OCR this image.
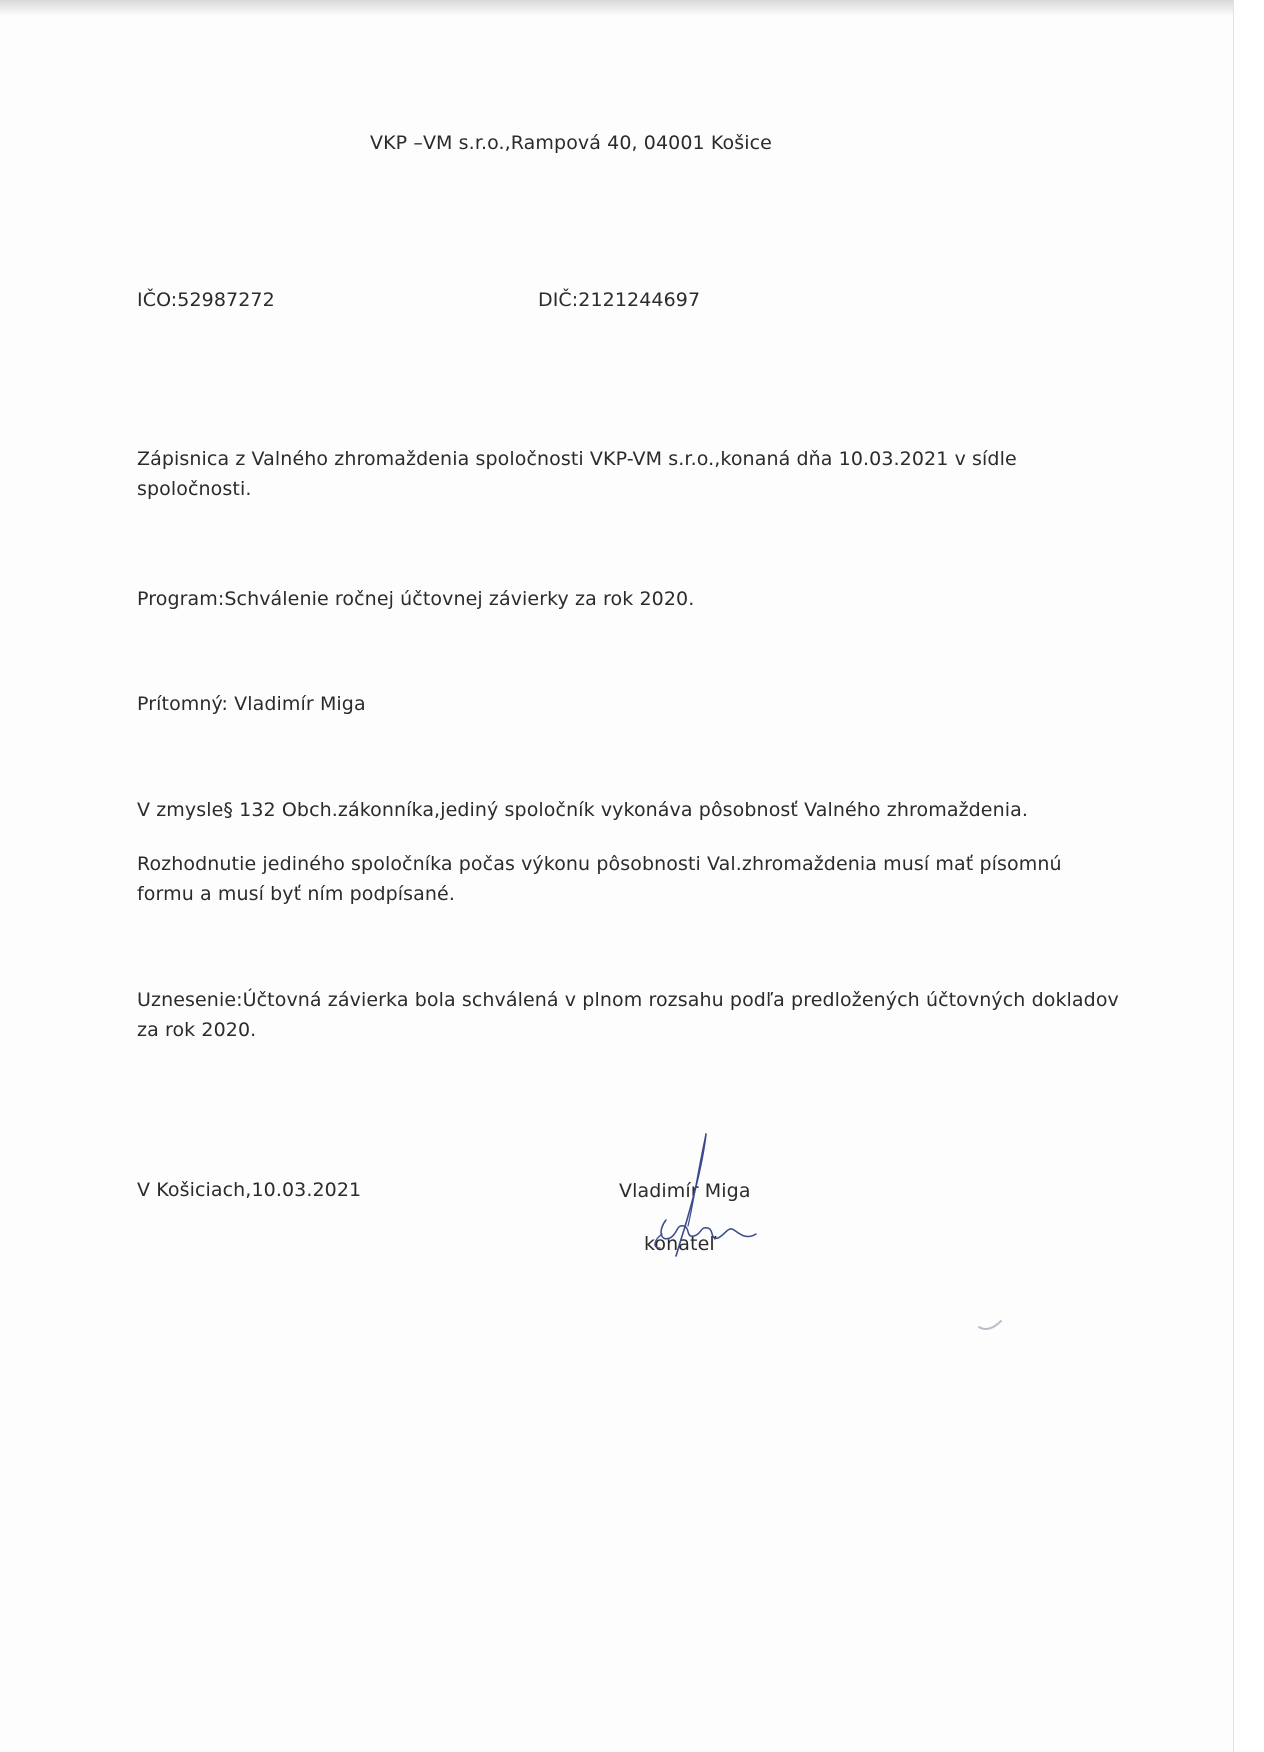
VKP –VM s.r.o.,Rampová 40, 04001 Košice
IČO:52987272	DIČ:2121244697
Zápisnica z Valného zhromaždenia spoločnosti VKP-VM s.r.o.,konaná dňa 10.03.2021 v sídle
spoločnosti.
Program:Schválenie ročnej účtovnej závierky za rok 2020.
Prítomný: Vladimír Miga
V zmysle§ 132 Obch.zákonníka,jediný spoločník vykonáva pôsobnosť Valného zhromaždenia.
Rozhodnutie jediného spoločníka počas výkonu pôsobnosti Val.zhromaždenia musí mať písomnú
formu a musí byť ním podpísané.
Uznesenie:Účtovná závierka bola schválená v plnom rozsahu podľa predložených účtovných dokladov
za rok 2020.
V Košiciach,10.03.2021	Vladimír Miga
konateľ
